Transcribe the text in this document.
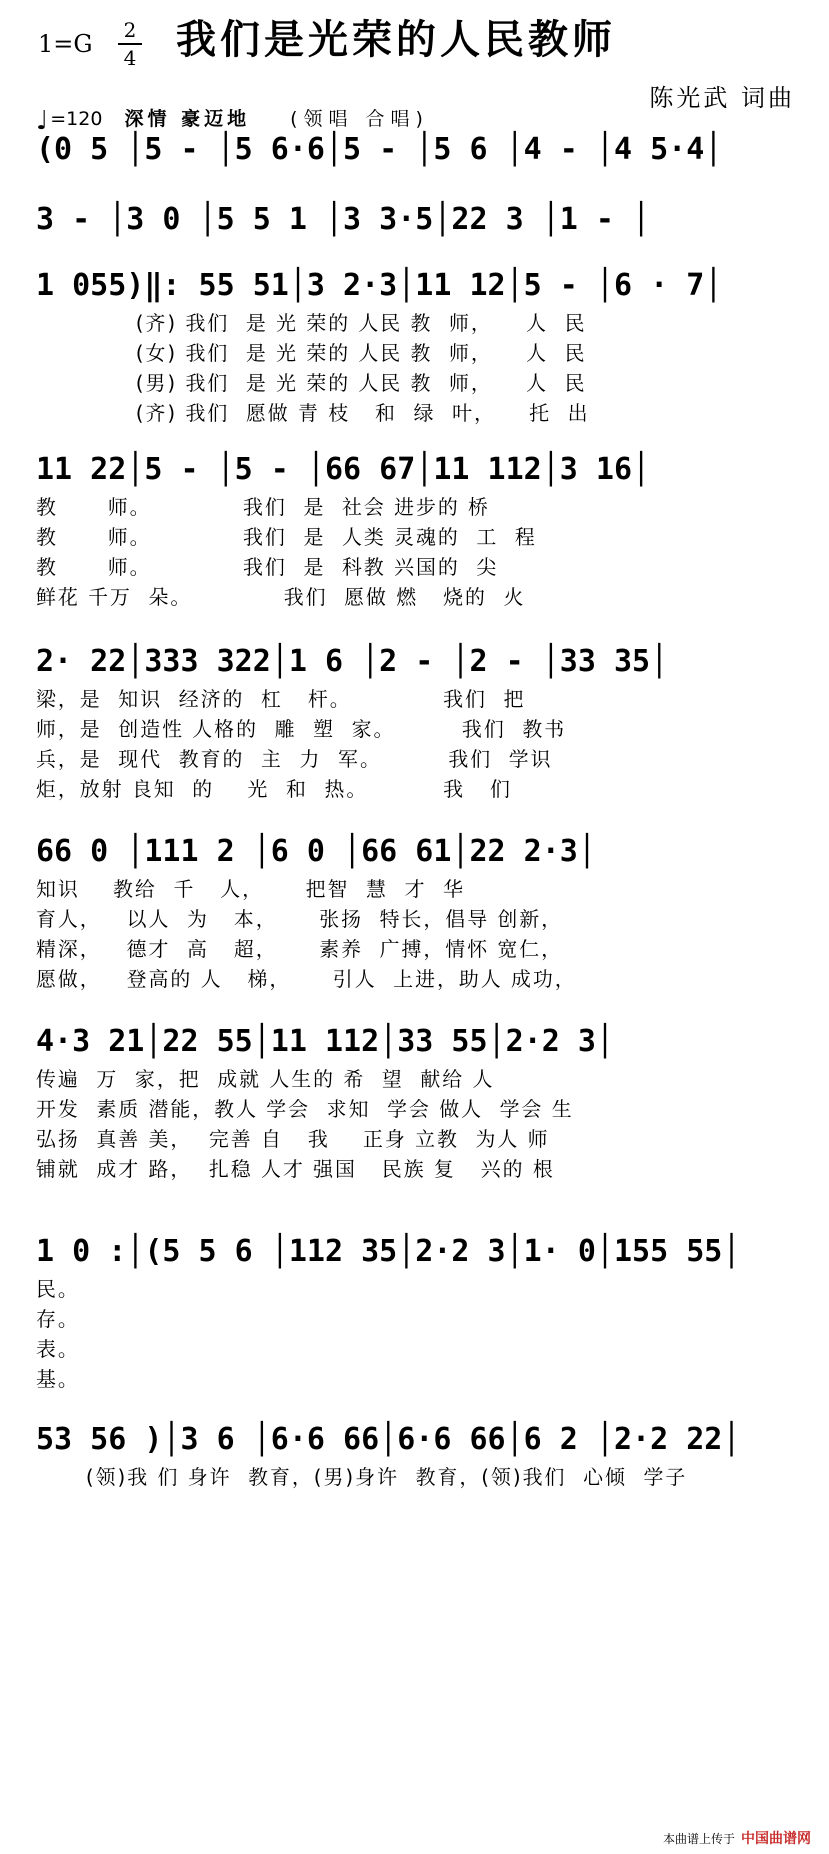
1=G 2
4 我们是光荣的人民教师
陈光武 词曲
♩ =120 深情 豪迈地 (领唱 合唱)
(0 5 │5 - │5 6·6│5 - │5 6 │4 - │4 5·4│
3 - │3 0 │5 5 1 │3 3·5│22 3 │1 - │
1 055)‖: 55 51│3 2·3│11 12│5 - │6 · 7│
(齐) 我们  是 光 荣的 人民 教  师，    人  民
(女) 我们  是 光 荣的 人民 教  师，    人  民
(男) 我们  是 光 荣的 人民 教  师，    人  民
(齐) 我们  愿做 青 枝   和  绿  叶，    托  出
11 22│5 - │5 - │66 67│11 112│3 16│
教      师。           我们  是  社会 进步的 桥
教      师。           我们  是  人类 灵魂的  工  程
教      师。           我们  是  科教 兴国的  尖
鲜花 千万  朵。           我们  愿做 燃   烧的  火
2· 22│333 322│1 6 │2 - │2 - │33 35│
梁，是  知识  经济的  杠   杆。           我们  把
师，是  创造性 人格的  雕  塑  家。        我们  教书
兵，是  现代  教育的  主  力  军。        我们  学识
炬，放射 良知  的    光  和  热。         我   们
66 0 │111 2 │6 0 │66 61│22 2·3│
知识    教给  千   人，     把智  慧  才  华
育人，   以人  为   本，     张扬  特长，倡导 创新，
精深，   德才  高   超，     素养  广搏，情怀 宽仁，
愿做，   登高的 人   梯，     引人  上进，助人 成功，
4·3 21│22 55│11 112│33 55│2·2 3│
传遍  万  家，把  成就 人生的 希  望  献给 人
开发  素质 潜能，教人 学会  求知  学会 做人  学会 生
弘扬  真善 美，  完善 自   我    正身 立教  为人 师
铺就  成才 路，  扎稳 人才 强国   民族 复   兴的 根
1 0 :│(5 5 6 │112 35│2·2 3│1· 0│155 55│
民。
存。
表。
基。
53 56 )│3 6 │6·6 66│6·6 66│6 2 │2·2 22│
(领)我 们 身许  教育，(男)身许  教育，(领)我们  心倾  学子
本曲谱上传于 中国曲谱网
